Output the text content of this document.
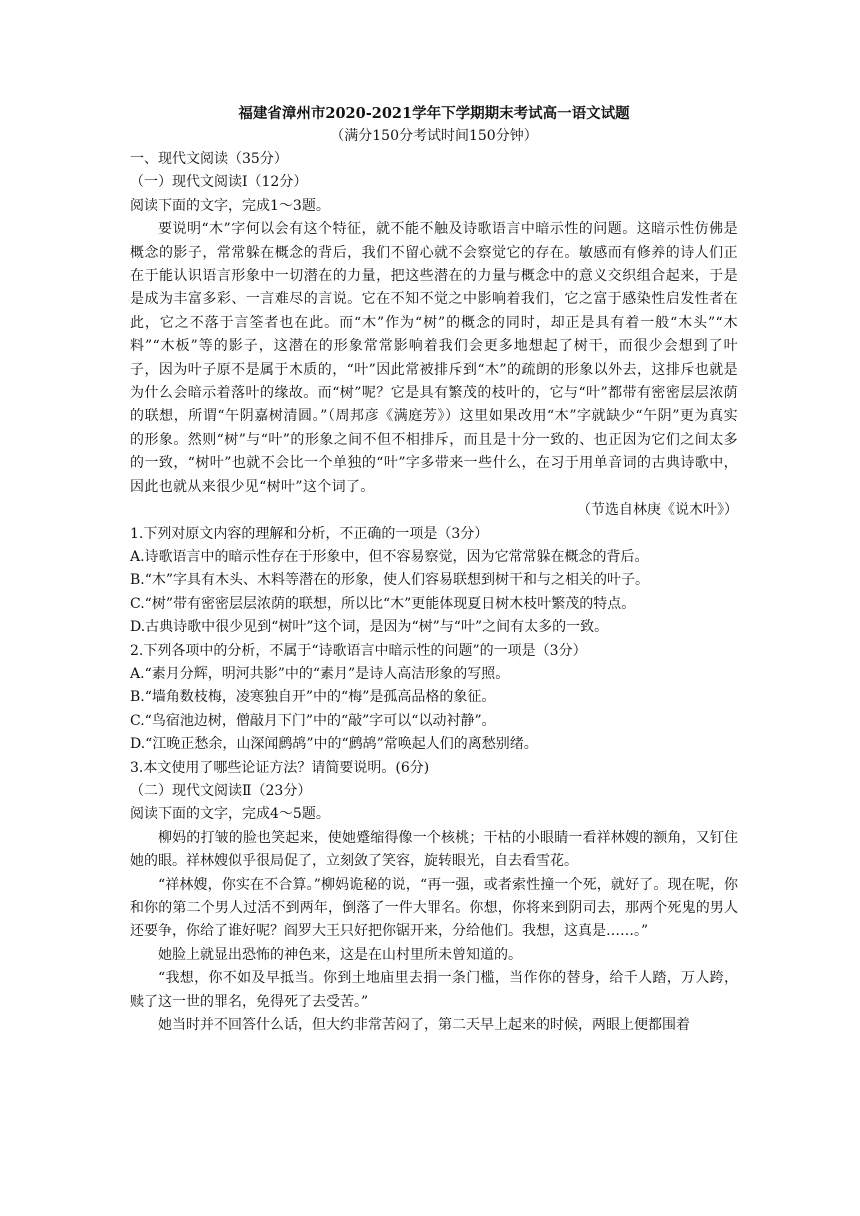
福建省漳州市2020-2021学年下学期期末考试高一语文试题

（满分150分考试时间150分钟）

一、现代文阅读（35分）

（一）现代文阅读Ⅰ（12分）

阅读下面的文字，完成1～3题。

要说明“木”字何以会有这个特征，就不能不触及诗歌语言中暗示性的问题。这暗示性仿佛是概念的影子，常常躲在概念的背后，我们不留心就不会察觉它的存在。敏感而有修养的诗人们正在于能认识语言形象中一切潜在的力量，把这些潜在的力量与概念中的意义交织组合起来，于是是成为丰富多彩、一言难尽的言说。它在不知不觉之中影响着我们，它之富于感染性启发性者在此，它之不落于言筌者也在此。而“木”作为“树”的概念的同时，却正是具有着一般“木头”“木料”“木板”等的影子，这潜在的形象常常影响着我们会更多地想起了树干，而很少会想到了叶子，因为叶子原不是属于木质的，“叶”因此常被排斥到“木”的疏朗的形象以外去，这排斥也就是为什么会暗示着落叶的缘故。而“树”呢？它是具有繁茂的枝叶的，它与“叶”都带有密密层层浓荫的联想，所谓“午阴嘉树清圆。”（周邦彦《满庭芳》）这里如果改用“木”字就缺少“午阴”更为真实的形象。然则“树”与“叶”的形象之间不但不相排斥，而且是十分一致的、也正因为它们之间太多的一致，“树叶”也就不会比一个单独的“叶”字多带来一些什么，在习于用单音词的古典诗歌中，因此也就从来很少见“树叶”这个词了。

（节选自林庚《说木叶》）

1.下列对原文内容的理解和分析，不正确的一项是（3分）

A.诗歌语言中的暗示性存在于形象中，但不容易察觉，因为它常常躲在概念的背后。

B.“木”字具有木头、木料等潜在的形象，使人们容易联想到树干和与之相关的叶子。

C.“树”带有密密层层浓荫的联想，所以比“木”更能体现夏日树木枝叶繁茂的特点。

D.古典诗歌中很少见到“树叶”这个词，是因为“树”与“叶”之间有太多的一致。

2.下列各项中的分析，不属于“诗歌语言中暗示性的问题”的一项是（3分）

A.“素月分辉，明河共影”中的“素月”是诗人高洁形象的写照。

B.“墙角数枝梅，凌寒独自开”中的“梅”是孤高品格的象征。

C.“鸟宿池边树，僧敲月下门”中的“敲”字可以“以动衬静”。

D.“江晚正愁余，山深闻鹧鸪”中的“鹧鸪”常唤起人们的离愁别绪。

3.本文使用了哪些论证方法？请简要说明。(6分)

（二）现代文阅读Ⅱ（23分）

阅读下面的文字，完成4～5题。

柳妈的打皱的脸也笑起来，使她蹙缩得像一个核桃；干枯的小眼睛一看祥林嫂的额角，又钉住她的眼。祥林嫂似乎很局促了，立刻敛了笑容，旋转眼光，自去看雪花。

“祥林嫂，你实在不合算。”柳妈诡秘的说，“再一强，或者索性撞一个死，就好了。现在呢，你和你的第二个男人过活不到两年，倒落了一件大罪名。你想，你将来到阴司去，那两个死鬼的男人还要争，你给了谁好呢？阎罗大王只好把你锯开来，分给他们。我想，这真是……。”

她脸上就显出恐怖的神色来，这是在山村里所未曾知道的。

“我想，你不如及早抵当。你到土地庙里去捐一条门槛，当作你的替身，给千人踏，万人跨，赎了这一世的罪名，免得死了去受苦。”

她当时并不回答什么话，但大约非常苦闷了，第二天早上起来的时候，两眼上便都围着
